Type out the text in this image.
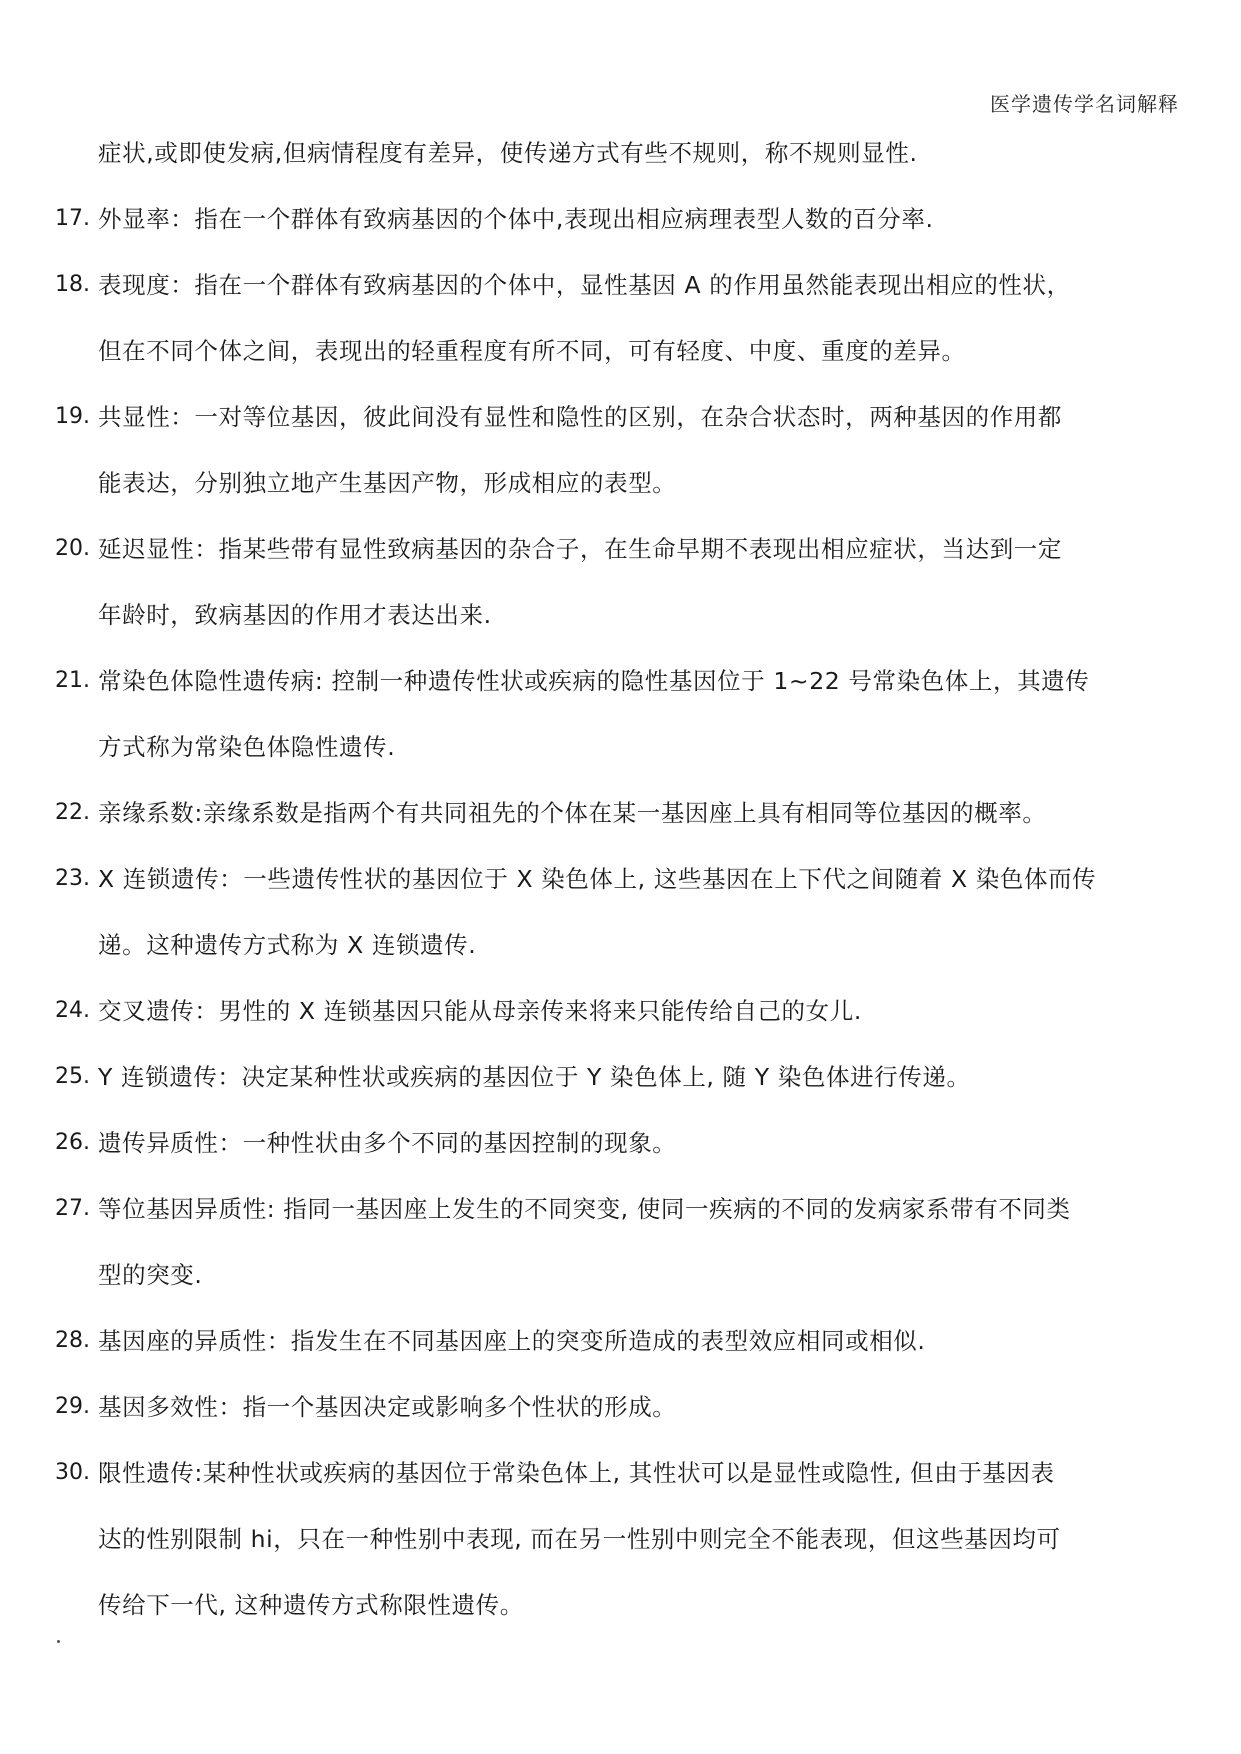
医学遗传学名词解释
症状,或即使发病,但病情程度有差异，使传递方式有些不规则，称不规则显性.
17. 外显率：指在一个群体有致病基因的个体中,表现出相应病理表型人数的百分率.
18. 表现度：指在一个群体有致病基因的个体中，显性基因 A 的作用虽然能表现出相应的性状，
但在不同个体之间，表现出的轻重程度有所不同，可有轻度、中度、重度的差异。
19. 共显性：一对等位基因，彼此间没有显性和隐性的区别，在杂合状态时，两种基因的作用都
能表达，分别独立地产生基因产物，形成相应的表型。
20. 延迟显性：指某些带有显性致病基因的杂合子，在生命早期不表现出相应症状，当达到一定
年龄时，致病基因的作用才表达出来.
21. 常染色体隐性遗传病: 控制一种遗传性状或疾病的隐性基因位于 1~22 号常染色体上，其遗传
方式称为常染色体隐性遗传.
22. 亲缘系数:亲缘系数是指两个有共同祖先的个体在某一基因座上具有相同等位基因的概率。
23. X 连锁遗传：一些遗传性状的基因位于 X 染色体上, 这些基因在上下代之间随着 X 染色体而传
递。这种遗传方式称为 X 连锁遗传.
24. 交叉遗传：男性的 X 连锁基因只能从母亲传来将来只能传给自己的女儿.
25. Y 连锁遗传：决定某种性状或疾病的基因位于 Y 染色体上, 随 Y 染色体进行传递。
26. 遗传异质性：一种性状由多个不同的基因控制的现象。
27. 等位基因异质性: 指同一基因座上发生的不同突变, 使同一疾病的不同的发病家系带有不同类
型的突变.
28. 基因座的异质性：指发生在不同基因座上的突变所造成的表型效应相同或相似.
29. 基因多效性：指一个基因决定或影响多个性状的形成。
30. 限性遗传:某种性状或疾病的基因位于常染色体上, 其性状可以是显性或隐性, 但由于基因表
达的性别限制 hi，只在一种性别中表现, 而在另一性别中则完全不能表现，但这些基因均可
传给下一代, 这种遗传方式称限性遗传。
